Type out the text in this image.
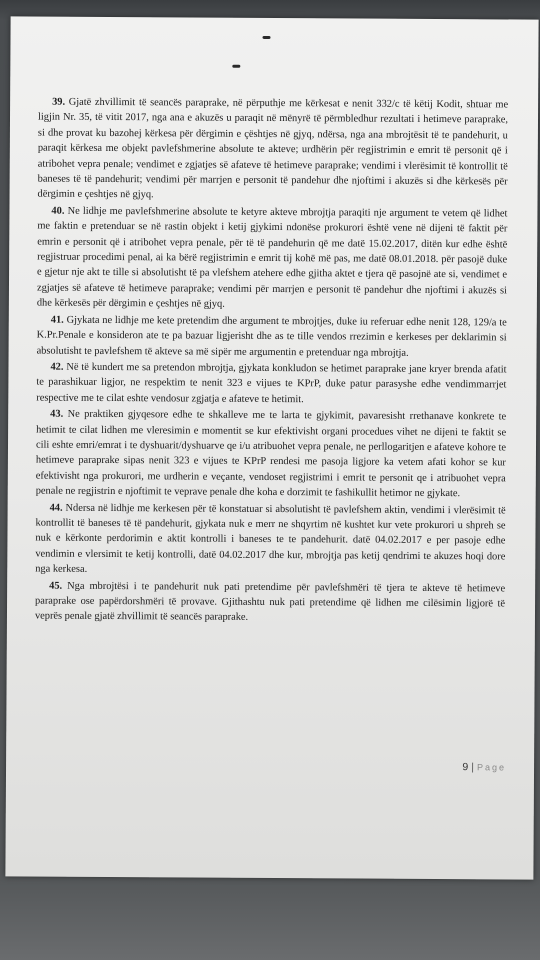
39. Gjatë zhvillimit të seancës paraprake, në përputhje me kërkesat e nenit 332/c të këtij Kodit, shtuar me ligjin Nr. 35, të vitit 2017, nga ana e akuzës u paraqit në mënyrë të përmbledhur rezultati i hetimeve paraprake, si dhe provat ku bazohej kërkesa për dërgimin e çështjes në gjyq, ndërsa, nga ana mbrojtësit të te pandehurit, u paraqit kërkesa me objekt pavlefshmerine absolute te akteve; urdhërin për regjistrimin e emrit të personit që i atribohet vepra penale; vendimet e zgjatjes së afateve të hetimeve paraprake; vendimi i vlerësimit të kontrollit të baneses të të pandehurit; vendimi për marrjen e personit të pandehur dhe njoftimi i akuzës si dhe kërkesës për dërgimin e çeshtjes në gjyq.

40. Ne lidhje me pavlefshmerine absolute te ketyre akteve mbrojtja paraqiti nje argument te vetem që lidhet me faktin e pretenduar se në rastin objekt i ketij gjykimi ndonëse prokurori është vene në dijeni të faktit për emrin e personit që i atribohet vepra penale, për të të pandehurin që me datë 15.02.2017, ditën kur edhe është regjistruar procedimi penal, ai ka bërë regjistrimin e emrit tij kohë më pas, me datë 08.01.2018. për pasojë duke e gjetur nje akt te tille si absolutisht të pa vlefshem atehere edhe gjitha aktet e tjera që pasojnë ate si, vendimet e zgjatjes së afateve të hetimeve paraprake; vendimi për marrjen e personit të pandehur dhe njoftimi i akuzës si dhe kërkesës për dërgimin e çeshtjes në gjyq.

41. Gjykata ne lidhje me kete pretendim dhe argument te mbrojtjes, duke iu referuar edhe nenit 128, 129/a te K.Pr.Penale e konsideron ate te pa bazuar ligjerisht dhe as te tille vendos rrezimin e kerkeses per deklarimin si absolutisht te pavlefshem të akteve sa më sipër me argumentin e pretenduar nga mbrojtja.

42. Në të kundert me sa pretendon mbrojtja, gjykata konkludon se hetimet paraprake jane kryer brenda afatit te parashikuar ligjor, ne respektim te nenit 323 e vijues te KPrP, duke patur parasyshe edhe vendimmarrjet respective me te cilat eshte vendosur zgjatja e afateve te hetimit.

43. Ne praktiken gjyqesore edhe te shkalleve me te larta te gjykimit, pavaresisht rrethanave konkrete te hetimit te cilat lidhen me vleresimin e momentit se kur efektivisht organi procedues vihet ne dijeni te faktit se cili eshte emri/emrat i te dyshuarit/dyshuarve qe i/u atribuohet vepra penale, ne perllogaritjen e afateve kohore te hetimeve paraprake sipas nenit 323 e vijues te KPrP rendesi me pasoja ligjore ka vetem afati kohor se kur efektivisht nga prokurori, me urdherin e veçante, vendoset regjistrimi i emrit te personit qe i atribuohet vepra penale ne regjistrin e njoftimit te veprave penale dhe koha e dorzimit te fashikullit hetimor ne gjykate.

44. Ndersa në lidhje me kerkesen për të konstatuar si absolutisht të pavlefshem aktin, vendimi i vlerësimit të kontrollit të baneses të të pandehurit, gjykata nuk e merr ne shqyrtim në kushtet kur vete prokurori u shpreh se nuk e kërkonte perdorimin e aktit kontrolli i baneses te te pandehurit. datë 04.02.2017 e per pasoje edhe vendimin e vlersimit te ketij kontrolli, datë 04.02.2017 dhe kur, mbrojtja pas ketij qendrimi te akuzes hoqi dore nga kerkesa.

45. Nga mbrojtësi i te pandehurit nuk pati pretendime për pavlefshmëri të tjera te akteve të hetimeve paraprake ose papërdorshmëri të provave. Gjithashtu nuk pati pretendime që lidhen me cilësimin ligjorë të veprës penale gjatë zhvillimit të seancës paraprake.

9 | Page
